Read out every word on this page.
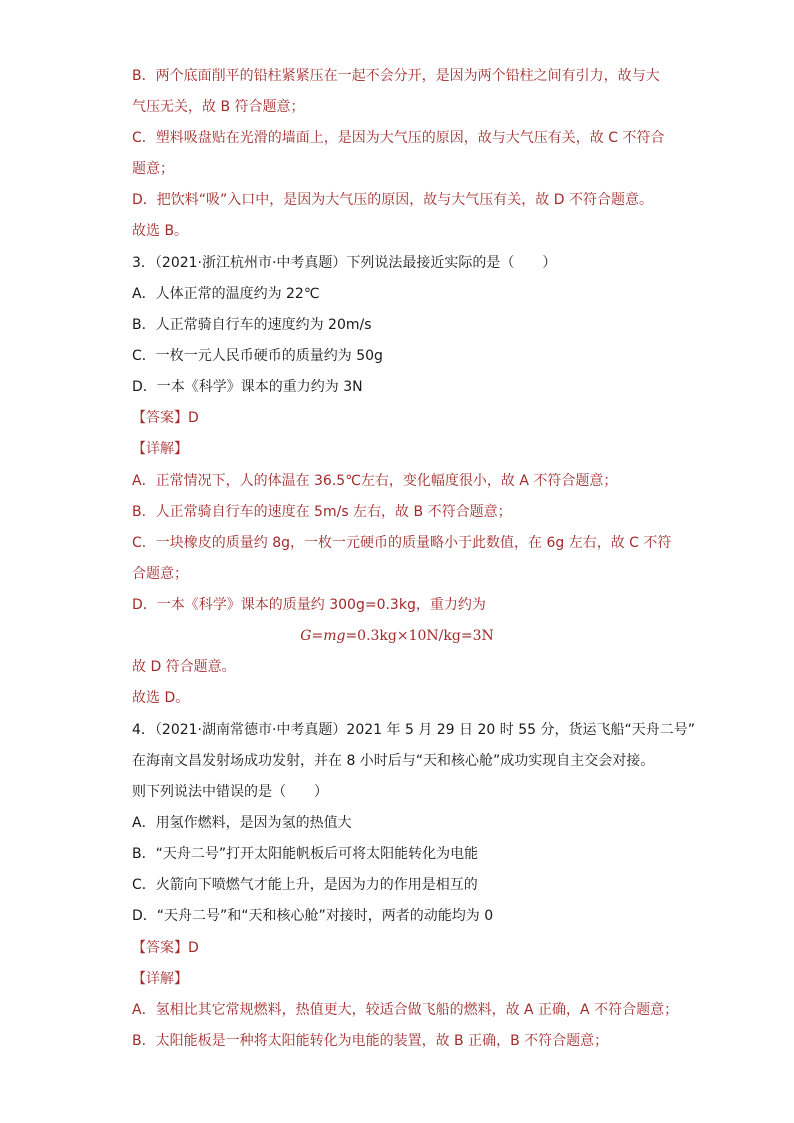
B．两个底面削平的铅柱紧紧压在一起不会分开，是因为两个铅柱之间有引力，故与大
气压无关，故 B 符合题意；
C．塑料吸盘贴在光滑的墙面上，是因为大气压的原因，故与大气压有关，故 C 不符合
题意；
D．把饮料“吸”入口中，是因为大气压的原因，故与大气压有关，故 D 不符合题意。
故选 B。
3．（2021·浙江杭州市·中考真题）下列说法最接近实际的是（　　）
A．人体正常的温度约为 22℃
B．人正常骑自行车的速度约为 20m/s
C．一枚一元人民币硬币的质量约为 50g
D．一本《科学》课本的重力约为 3N
【答案】D
【详解】
A．正常情况下，人的体温在 36.5℃左右，变化幅度很小，故 A 不符合题意；
B．人正常骑自行车的速度在 5m/s 左右，故 B 不符合题意；
C．一块橡皮的质量约 8g，一枚一元硬币的质量略小于此数值，在 6g 左右，故 C 不符
合题意；
D．一本《科学》课本的质量约 300g=0.3kg，重力约为
G=mg=0.3kg×10N/kg=3N
故 D 符合题意。
故选 D。
4．（2021·湖南常德市·中考真题）2021 年 5 月 29 日 20 时 55 分，货运飞船“天舟二号”
在海南文昌发射场成功发射，并在 8 小时后与“天和核心舱”成功实现自主交会对接。
则下列说法中错误的是（　　）
A．用氢作燃料，是因为氢的热值大
B．“天舟二号”打开太阳能帆板后可将太阳能转化为电能
C．火箭向下喷燃气才能上升，是因为力的作用是相互的
D．“天舟二号”和“天和核心舱”对接时，两者的动能均为 0
【答案】D
【详解】
A．氢相比其它常规燃料，热值更大，较适合做飞船的燃料，故 A 正确，A 不符合题意；
B．太阳能板是一种将太阳能转化为电能的装置，故 B 正确，B 不符合题意；
